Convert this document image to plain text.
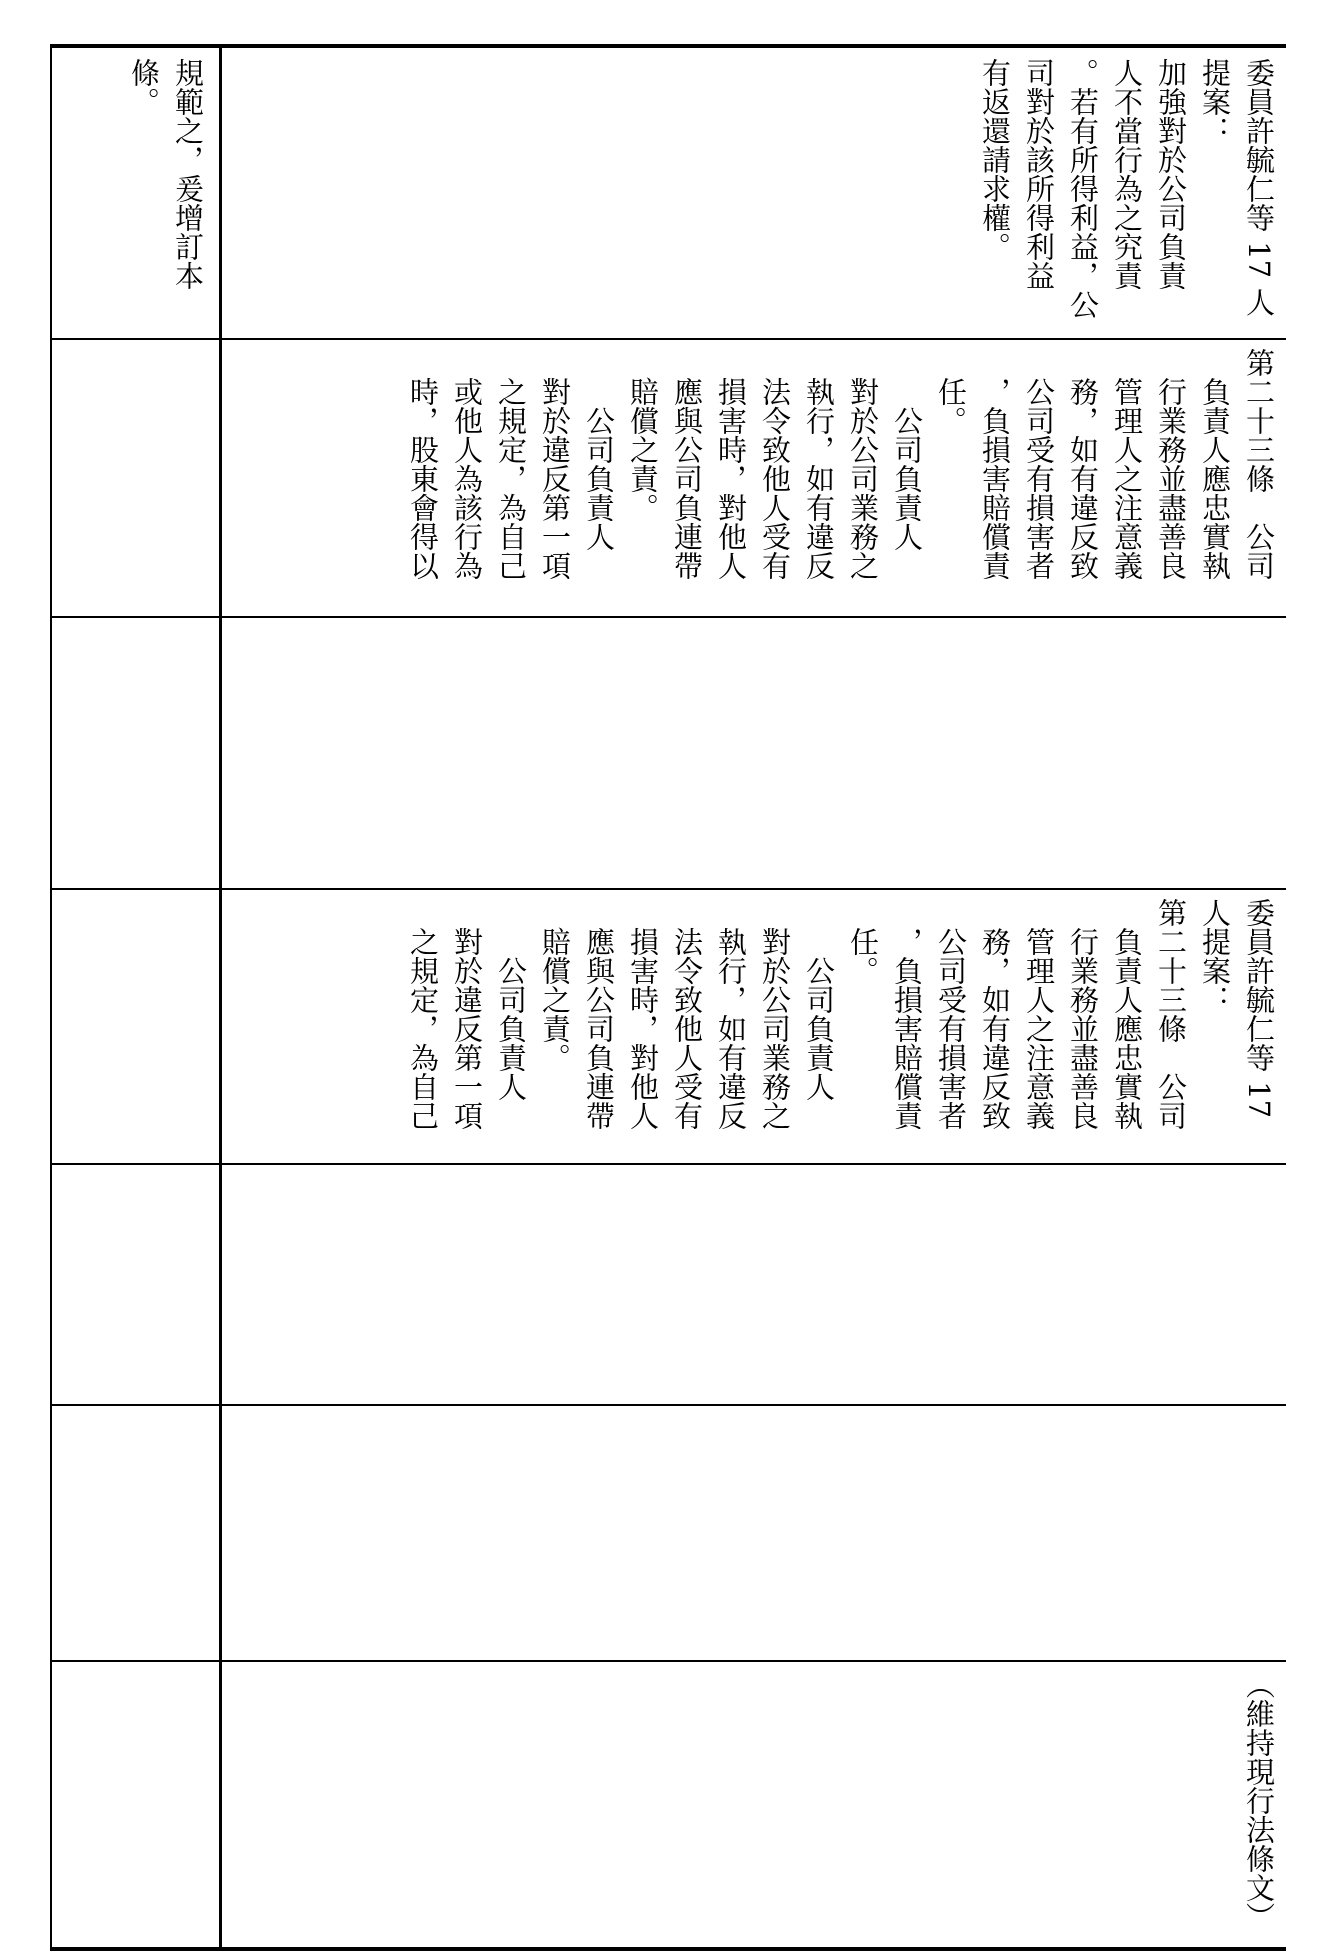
規範之，爰增訂本
條。	委員許毓仁等 17 人
提案：
加強對於公司負責
人不當行為之究責
。若有所得利益，公
司對於該所得利益
有返還請求權。
第二十三條　公司
　負責人應忠實執
　行業務並盡善良
　管理人之注意義
　務，如有違反致
　公司受有損害者
　，負損害賠償責
　任。
　　公司負責人
　對於公司業務之
　執行，如有違反
　法令致他人受有
　損害時，對他人
　應與公司負連帶
　賠償之責。
　　公司負責人
　對於違反第一項
　之規定，為自己
　或他人為該行為
　時，股東會得以
委員許毓仁等 17
人提案：
第二十三條　公司
　負責人應忠實執
　行業務並盡善良
　管理人之注意義
　務，如有違反致
　公司受有損害者
　，負損害賠償責
　任。
　　公司負責人
　對於公司業務之
　執行，如有違反
　法令致他人受有
　損害時，對他人
　應與公司負連帶
　賠償之責。
　　公司負責人
　對於違反第一項
　之規定，為自己
（維持現行法條文）
